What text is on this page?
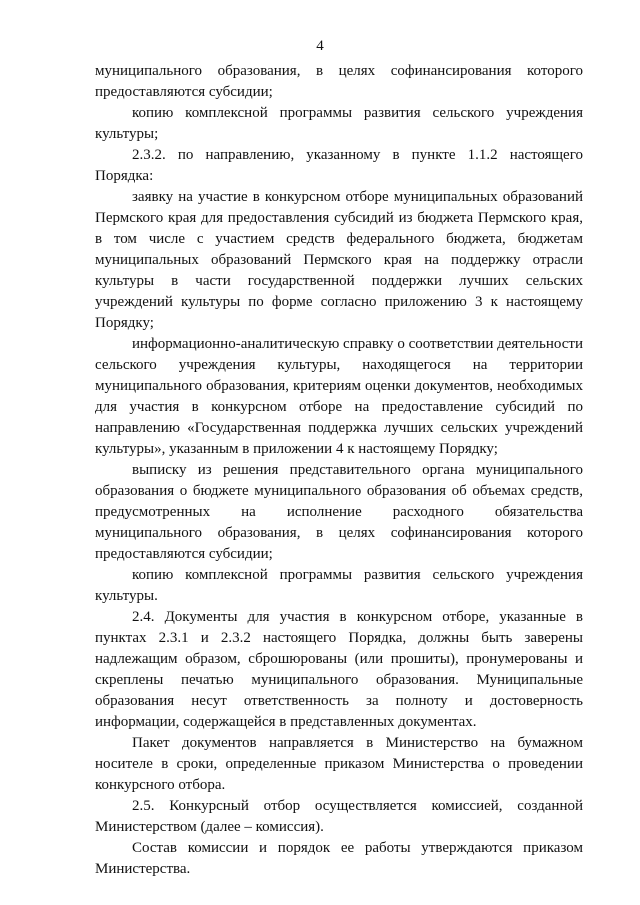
4

муниципального образования, в целях софинансирования которого предоставляются субсидии;

копию комплексной программы развития сельского учреждения культуры;

2.3.2. по направлению, указанному в пункте 1.1.2 настоящего Порядка:

заявку на участие в конкурсном отборе муниципальных образований Пермского края для предоставления субсидий из бюджета Пермского края, в том числе с участием средств федерального бюджета, бюджетам муниципальных образований Пермского края на поддержку отрасли культуры в части государственной поддержки лучших сельских учреждений культуры по форме согласно приложению 3 к настоящему Порядку;

информационно-аналитическую справку о соответствии деятельности сельского учреждения культуры, находящегося на территории муниципального образования, критериям оценки документов, необходимых для участия в конкурсном отборе на предоставление субсидий по направлению «Государственная поддержка лучших сельских учреждений культуры», указанным в приложении 4 к настоящему Порядку;

выписку из решения представительного органа муниципального образования о бюджете муниципального образования об объемах средств, предусмотренных на исполнение расходного обязательства муниципального образования, в целях софинансирования которого предоставляются субсидии;

копию комплексной программы развития сельского учреждения культуры.

2.4. Документы для участия в конкурсном отборе, указанные в пунктах 2.3.1 и 2.3.2 настоящего Порядка, должны быть заверены надлежащим образом, сброшюрованы (или прошиты), пронумерованы и скреплены печатью муниципального образования. Муниципальные образования несут ответственность за полноту и достоверность информации, содержащейся в представленных документах.

Пакет документов направляется в Министерство на бумажном носителе в сроки, определенные приказом Министерства о проведении конкурсного отбора.

2.5. Конкурсный отбор осуществляется комиссией, созданной Министерством (далее – комиссия).

Состав комиссии и порядок ее работы утверждаются приказом Министерства.
